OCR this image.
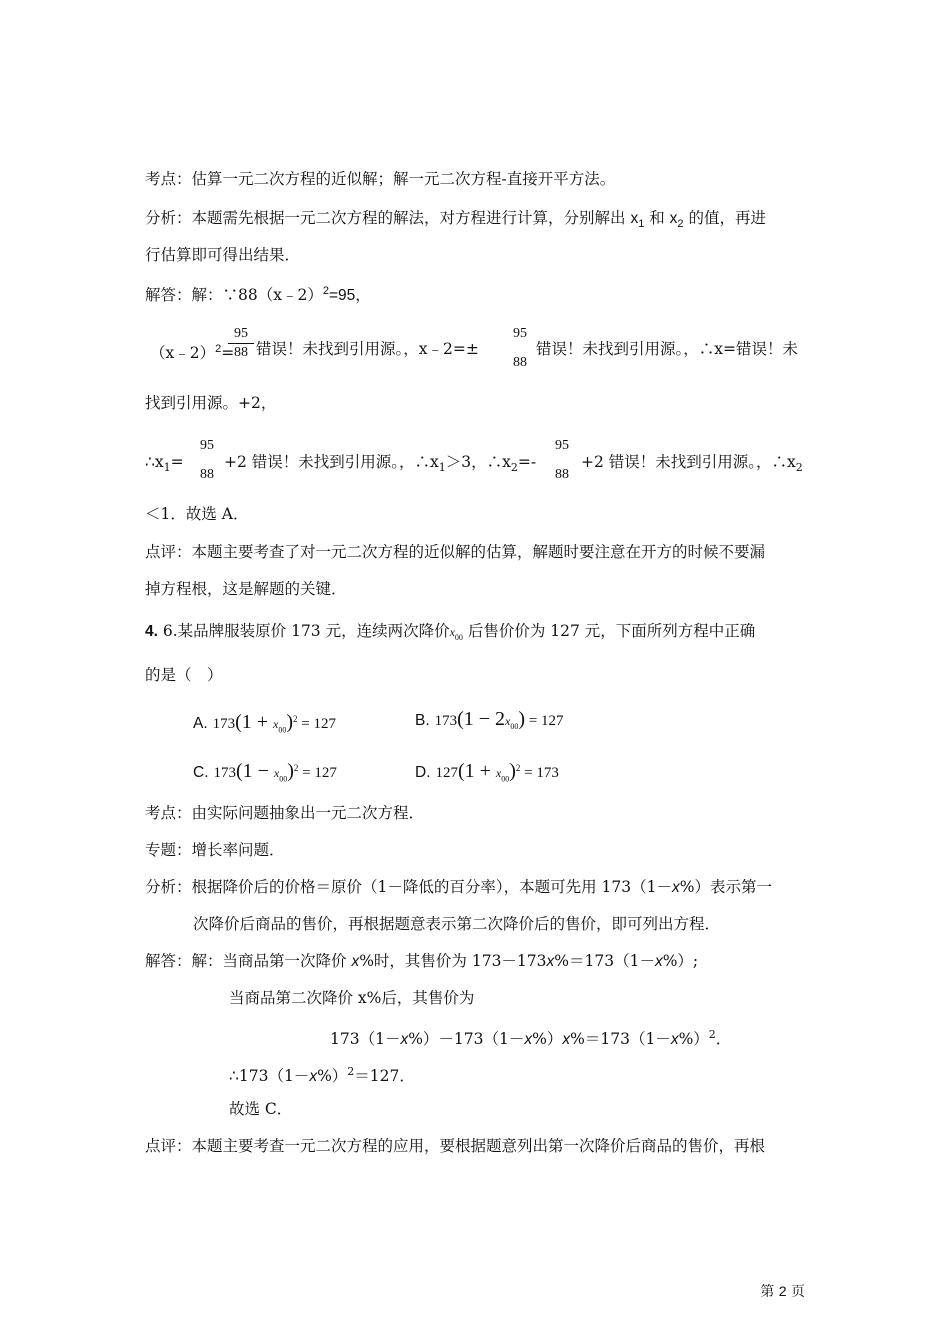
考点：估算一元二次方程的近似解；解一元二次方程-直接开平方法。
分析：本题需先根据一元二次方程的解法，对方程进行计算，分别解出 $x_1$ 和 $x_2$ 的值，再进
行估算即可得出结果．
解答：解：∵88（x﹣2）$^2$=95，
（x﹣2）$^2$=
95
88 错误！未找到引用源。，x﹣2=±
95
88
错误！未找到引用源。，∴x=错误！未
找到引用源。+2，
$\therefore x_1=$
95
88
+2 错误！未找到引用源。，$\therefore x_1>3$，$\therefore x_2=-$
95
88
+2 错误！未找到引用源。，$\therefore x_2$
＜1．故选 A．
点评：本题主要考查了对一元二次方程的近似解的估算，解题时要注意在开方的时候不要漏
掉方程根，这是解题的关键．
4. 6.某品牌服装原价 173 元，连续两次降价$x_{00}$ 后售价价为 127 元，下面所列方程中正确
的是（　）
A. $173(1 + x_{00})^2 = 127$	B. $173(1 - 2x_{00}) = 127$
C. $173(1 - x_{00})^2 = 127$	D. $127(1 + x_{00})^2 = 173$
考点：由实际问题抽象出一元二次方程．
专题：增长率问题．
分析：根据降价后的价格＝原价（1－降低的百分率），本题可先用 173（1－x%）表示第一
次降价后商品的售价，再根据题意表示第二次降价后的售价，即可列出方程．
解答：解：当商品第一次降价 x%时，其售价为 173－173x%＝173（1－x%）;
当商品第二次降价 x%后，其售价为
$173(1-x\%)-173(1-x\%)x\%=173(1-x\%)^2$．
$\therefore 173(1-x\%)^2=127$．
故选 C．
点评：本题主要考查一元二次方程的应用，要根据题意列出第一次降价后商品的售价，再根
第 2 页
